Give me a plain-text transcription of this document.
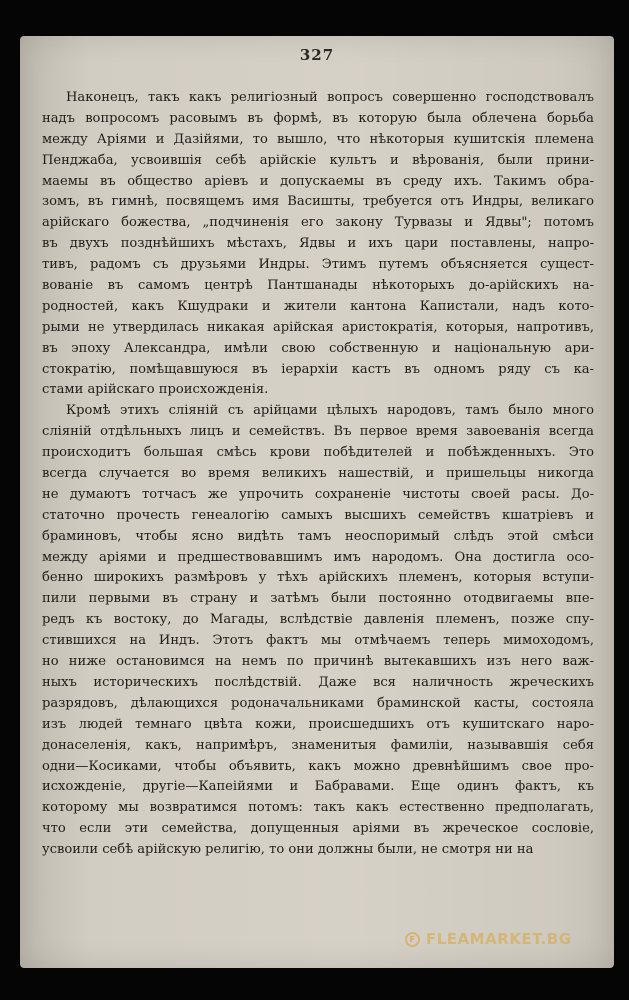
327
Наконецъ, такъ какъ религіозный вопросъ совершенно господствовалъ
надъ вопросомъ расовымъ въ формѣ, въ которую была облечена борьба
между Аріями и Дазійями, то вышло, что нѣкоторыя кушитскія племена
Пенджаба, усвоившія себѣ арійскіе культъ и вѣрованія, были прини-
маемы въ общество аріевъ и допускаемы въ среду ихъ. Такимъ обра-
зомъ, въ гимнѣ, посвящемъ имя Васишты, требуется отъ Индры, великаго
арійскаго божества, „подчиненія его закону Турвазы и Ядвы"; потомъ
въ двухъ позднѣйшихъ мѣстахъ, Ядвы и ихъ цари поставлены, напро-
тивъ, радомъ съ друзьями Индры. Этимъ путемъ объясняется сущест-
вованіе въ самомъ центрѣ Пантшанады нѣкоторыхъ до-арійскихъ на-
родностей, какъ Кшудраки и жители кантона Капистали, надъ кото-
рыми не утвердилась никакая арійская аристократія, которыя, напротивъ,
въ эпоху Александра, имѣли свою собственную и національную ари-
стократію, помѣщавшуюся въ іерархіи кастъ въ одномъ ряду съ ка-
стами арійскаго происхожденія.
Кромѣ этихъ сліяній съ арійцами цѣлыхъ народовъ, тамъ было много
сліяній отдѣльныхъ лицъ и семействъ. Въ первое время завоеванія всегда
происходитъ большая смѣсь крови побѣдителей и побѣжденныхъ. Это
всегда случается во время великихъ нашествій, и пришельцы никогда
не думаютъ тотчасъ же упрочить сохраненіе чистоты своей расы. До-
статочно прочесть генеалогію самыхъ высшихъ семействъ кшатріевъ и
браминовъ, чтобы ясно видѣть тамъ неоспоримый слѣдъ этой смѣси
между аріями и предшествовавшимъ имъ народомъ. Она достигла осо-
бенно широкихъ размѣровъ у тѣхъ арійскихъ племенъ, которыя вступи-
пили первыми въ страну и затѣмъ были постоянно отодвигаемы впе-
редъ къ востоку, до Магады, вслѣдствіе давленія племенъ, позже спу-
стившихся на Индъ. Этотъ фактъ мы отмѣчаемъ теперь мимоходомъ,
но ниже остановимся на немъ по причинѣ вытекавшихъ изъ него важ-
ныхъ историческихъ послѣдствій. Даже вся наличность жреческихъ
разрядовъ, дѣлающихся родоначальниками браминской касты, состояла
изъ людей темнаго цвѣта кожи, происшедшихъ отъ кушитскаго наро-
донаселенія, какъ, напримѣръ, знаменитыя фамиліи, называвшія себя
одни—Косиками, чтобы объявить, какъ можно древнѣйшимъ свое про-
исхожденіе, другіе—Капеійями и Бабравами. Еще одинъ фактъ, къ
которому мы возвратимся потомъ: такъ какъ естественно предполагать,
что если эти семейства, допущенныя аріями въ жреческое сословіе,
усвоили себѣ арійскую религію, то они должны были, не смотря ни на
F FLEAMARKET.BG
